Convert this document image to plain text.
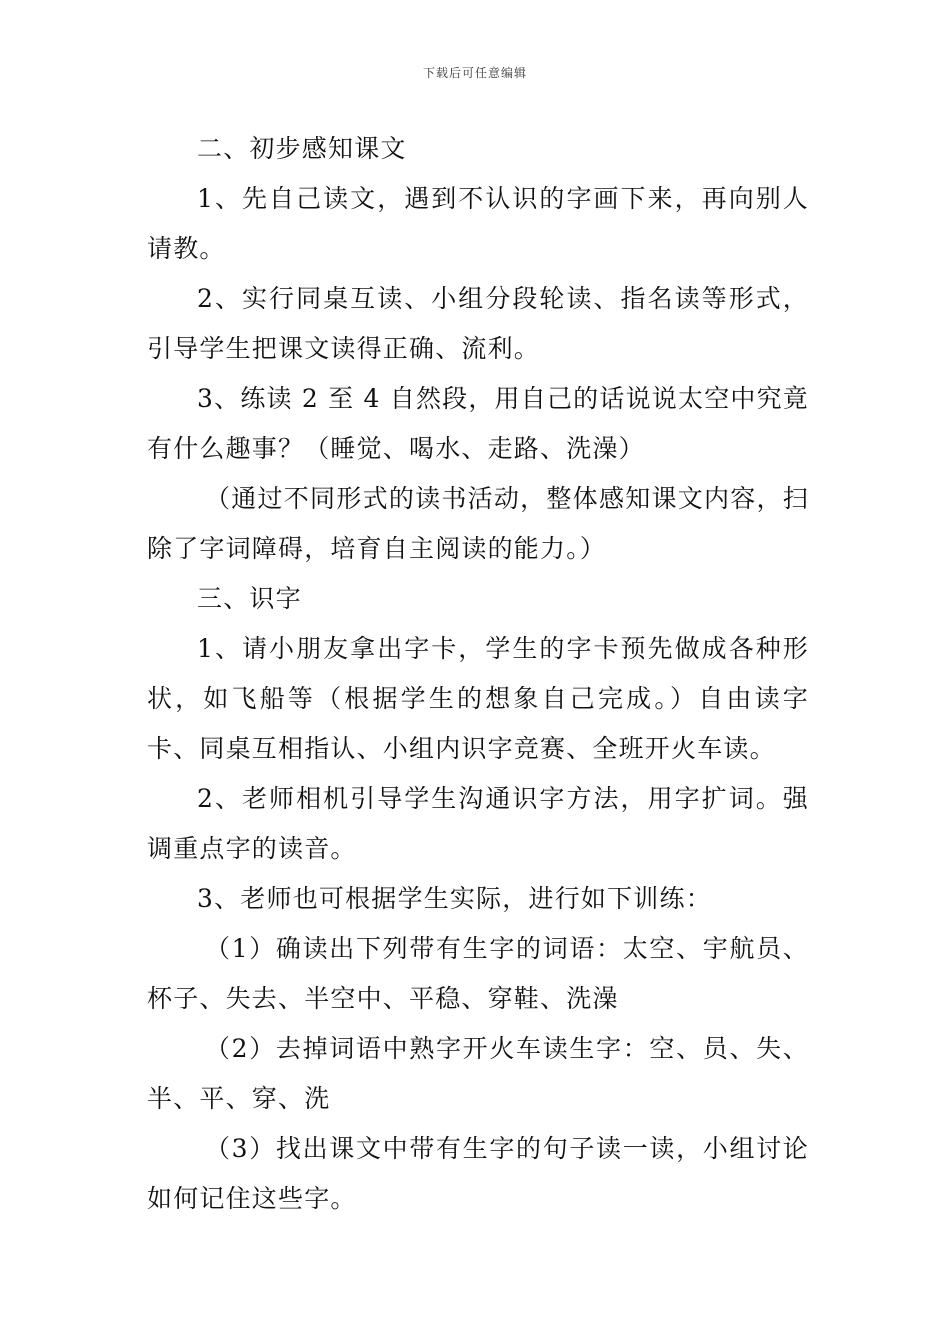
下载后可任意编辑

二、初步感知课文

1、先自己读文，遇到不认识的字画下来，再向别人请教。

2、实行同桌互读、小组分段轮读、指名读等形式，引导学生把课文读得正确、流利。

3、练读 2 至 4 自然段，用自己的话说说太空中究竟有什么趣事？（睡觉、喝水、走路、洗澡）

（通过不同形式的读书活动，整体感知课文内容，扫除了字词障碍，培育自主阅读的能力。）

三、识字

1、请小朋友拿出字卡，学生的字卡预先做成各种形状，如飞船等（根据学生的想象自己完成。）自由读字卡、同桌互相指认、小组内识字竞赛、全班开火车读。

2、老师相机引导学生沟通识字方法，用字扩词。强调重点字的读音。

3、老师也可根据学生实际，进行如下训练：

（1）确读出下列带有生字的词语：太空、宇航员、杯子、失去、半空中、平稳、穿鞋、洗澡

（2）去掉词语中熟字开火车读生字：空、员、失、半、平、穿、洗

（3）找出课文中带有生字的句子读一读，小组讨论如何记住这些字。
